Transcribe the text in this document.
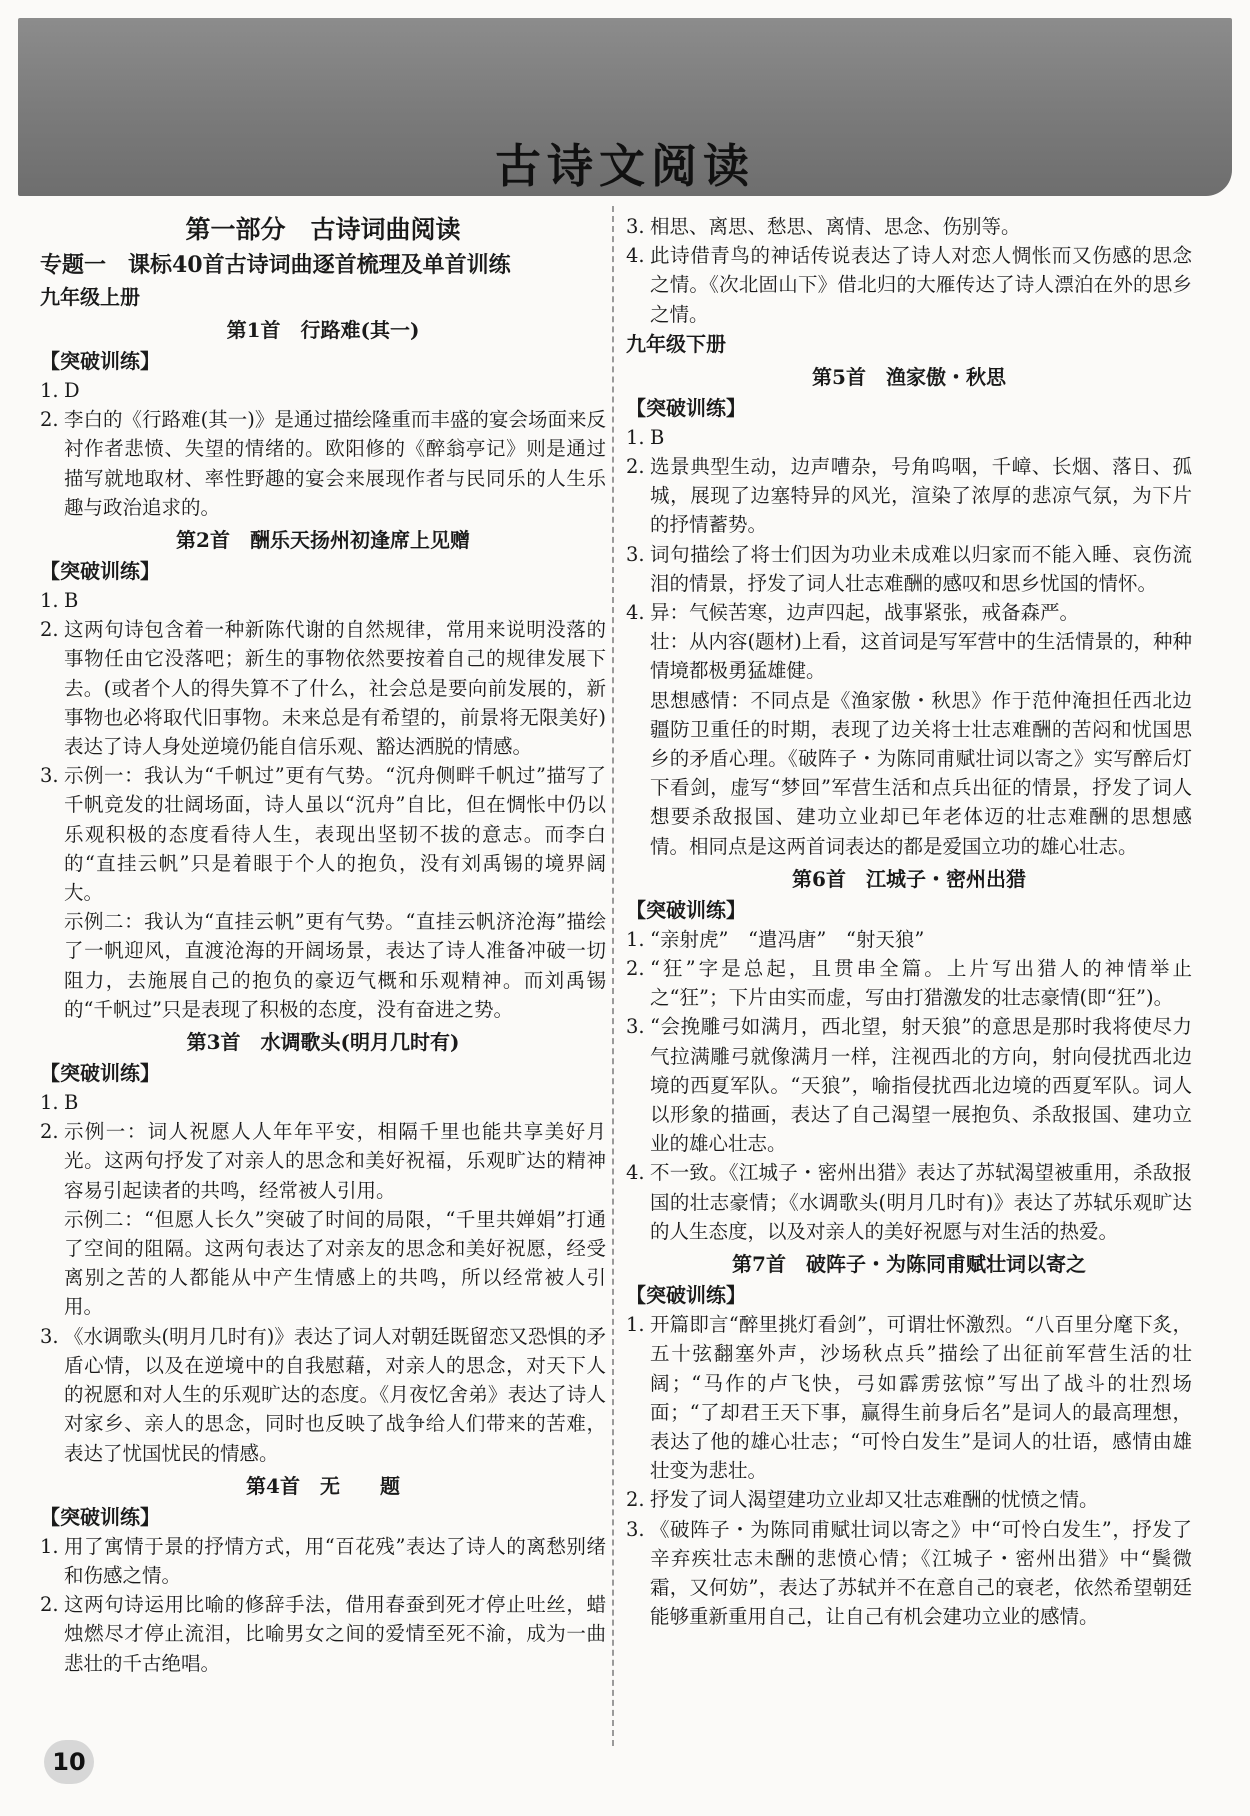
古诗文阅读
第一部分　古诗词曲阅读
专题一　课标40首古诗词曲逐首梳理及单首训练
九年级上册
第1首　行路难(其一)
【突破训练】
1. D
2. 李白的《行路难(其一)》是通过描绘隆重而丰盛的宴会场面来反衬作者悲愤、失望的情绪的。欧阳修的《醉翁亭记》则是通过描写就地取材、率性野趣的宴会来展现作者与民同乐的人生乐趣与政治追求的。
第2首　酬乐天扬州初逢席上见赠
【突破训练】
1. B
2. 这两句诗包含着一种新陈代谢的自然规律，常用来说明没落的事物任由它没落吧；新生的事物依然要按着自己的规律发展下去。(或者个人的得失算不了什么，社会总是要向前发展的，新事物也必将取代旧事物。未来总是有希望的，前景将无限美好)表达了诗人身处逆境仍能自信乐观、豁达洒脱的情感。
3. 示例一：我认为“千帆过”更有气势。“沉舟侧畔千帆过”描写了千帆竞发的壮阔场面，诗人虽以“沉舟”自比，但在惆怅中仍以乐观积极的态度看待人生，表现出坚韧不拔的意志。而李白的“直挂云帆”只是着眼于个人的抱负，没有刘禹锡的境界阔大。
示例二：我认为“直挂云帆”更有气势。“直挂云帆济沧海”描绘了一帆迎风，直渡沧海的开阔场景，表达了诗人准备冲破一切阻力，去施展自己的抱负的豪迈气概和乐观精神。而刘禹锡的“千帆过”只是表现了积极的态度，没有奋进之势。
第3首　水调歌头(明月几时有)
【突破训练】
1. B
2. 示例一：词人祝愿人人年年平安，相隔千里也能共享美好月光。这两句抒发了对亲人的思念和美好祝福，乐观旷达的精神容易引起读者的共鸣，经常被人引用。
示例二：“但愿人长久”突破了时间的局限，“千里共婵娟”打通了空间的阻隔。这两句表达了对亲友的思念和美好祝愿，经受离别之苦的人都能从中产生情感上的共鸣，所以经常被人引用。
3. 《水调歌头(明月几时有)》表达了词人对朝廷既留恋又恐惧的矛盾心情，以及在逆境中的自我慰藉，对亲人的思念，对天下人的祝愿和对人生的乐观旷达的态度。《月夜忆舍弟》表达了诗人对家乡、亲人的思念，同时也反映了战争给人们带来的苦难，表达了忧国忧民的情感。
第4首　无　　题
【突破训练】
1. 用了寓情于景的抒情方式，用“百花残”表达了诗人的离愁别绪和伤感之情。
2. 这两句诗运用比喻的修辞手法，借用春蚕到死才停止吐丝，蜡烛燃尽才停止流泪，比喻男女之间的爱情至死不渝，成为一曲悲壮的千古绝唱。
3. 相思、离思、愁思、离情、思念、伤别等。
4. 此诗借青鸟的神话传说表达了诗人对恋人惆怅而又伤感的思念之情。《次北固山下》借北归的大雁传达了诗人漂泊在外的思乡之情。
九年级下册
第5首　渔家傲・秋思
【突破训练】
1. B
2. 选景典型生动，边声嘈杂，号角呜咽，千嶂、长烟、落日、孤城，展现了边塞特异的风光，渲染了浓厚的悲凉气氛，为下片的抒情蓄势。
3. 词句描绘了将士们因为功业未成难以归家而不能入睡、哀伤流泪的情景，抒发了词人壮志难酬的感叹和思乡忧国的情怀。
4. 异：气候苦寒，边声四起，战事紧张，戒备森严。
壮：从内容(题材)上看，这首词是写军营中的生活情景的，种种情境都极勇猛雄健。
思想感情：不同点是《渔家傲・秋思》作于范仲淹担任西北边疆防卫重任的时期，表现了边关将士壮志难酬的苦闷和忧国思乡的矛盾心理。《破阵子・为陈同甫赋壮词以寄之》实写醉后灯下看剑，虚写“梦回”军营生活和点兵出征的情景，抒发了词人想要杀敌报国、建功立业却已年老体迈的壮志难酬的思想感情。相同点是这两首词表达的都是爱国立功的雄心壮志。
第6首　江城子・密州出猎
【突破训练】
1. “亲射虎”　“遣冯唐”　“射天狼”
2. “狂”字是总起，且贯串全篇。上片写出猎人的神情举止之“狂”；下片由实而虚，写由打猎激发的壮志豪情(即“狂”)。
3. “会挽雕弓如满月，西北望，射天狼”的意思是那时我将使尽力气拉满雕弓就像满月一样，注视西北的方向，射向侵扰西北边境的西夏军队。“天狼”，喻指侵扰西北边境的西夏军队。词人以形象的描画，表达了自己渴望一展抱负、杀敌报国、建功立业的雄心壮志。
4. 不一致。《江城子・密州出猎》表达了苏轼渴望被重用，杀敌报国的壮志豪情；《水调歌头(明月几时有)》表达了苏轼乐观旷达的人生态度，以及对亲人的美好祝愿与对生活的热爱。
第7首　破阵子・为陈同甫赋壮词以寄之
【突破训练】
1. 开篇即言“醉里挑灯看剑”，可谓壮怀激烈。“八百里分麾下炙，五十弦翻塞外声，沙场秋点兵”描绘了出征前军营生活的壮阔；“马作的卢飞快，弓如霹雳弦惊”写出了战斗的壮烈场面；“了却君王天下事，赢得生前身后名”是词人的最高理想，表达了他的雄心壮志；“可怜白发生”是词人的壮语，感情由雄壮变为悲壮。
2. 抒发了词人渴望建功立业却又壮志难酬的忧愤之情。
3. 《破阵子・为陈同甫赋壮词以寄之》中“可怜白发生”，抒发了辛弃疾壮志未酬的悲愤心情；《江城子・密州出猎》中“鬓微霜，又何妨”，表达了苏轼并不在意自己的衰老，依然希望朝廷能够重新重用自己，让自己有机会建功立业的感情。
10
